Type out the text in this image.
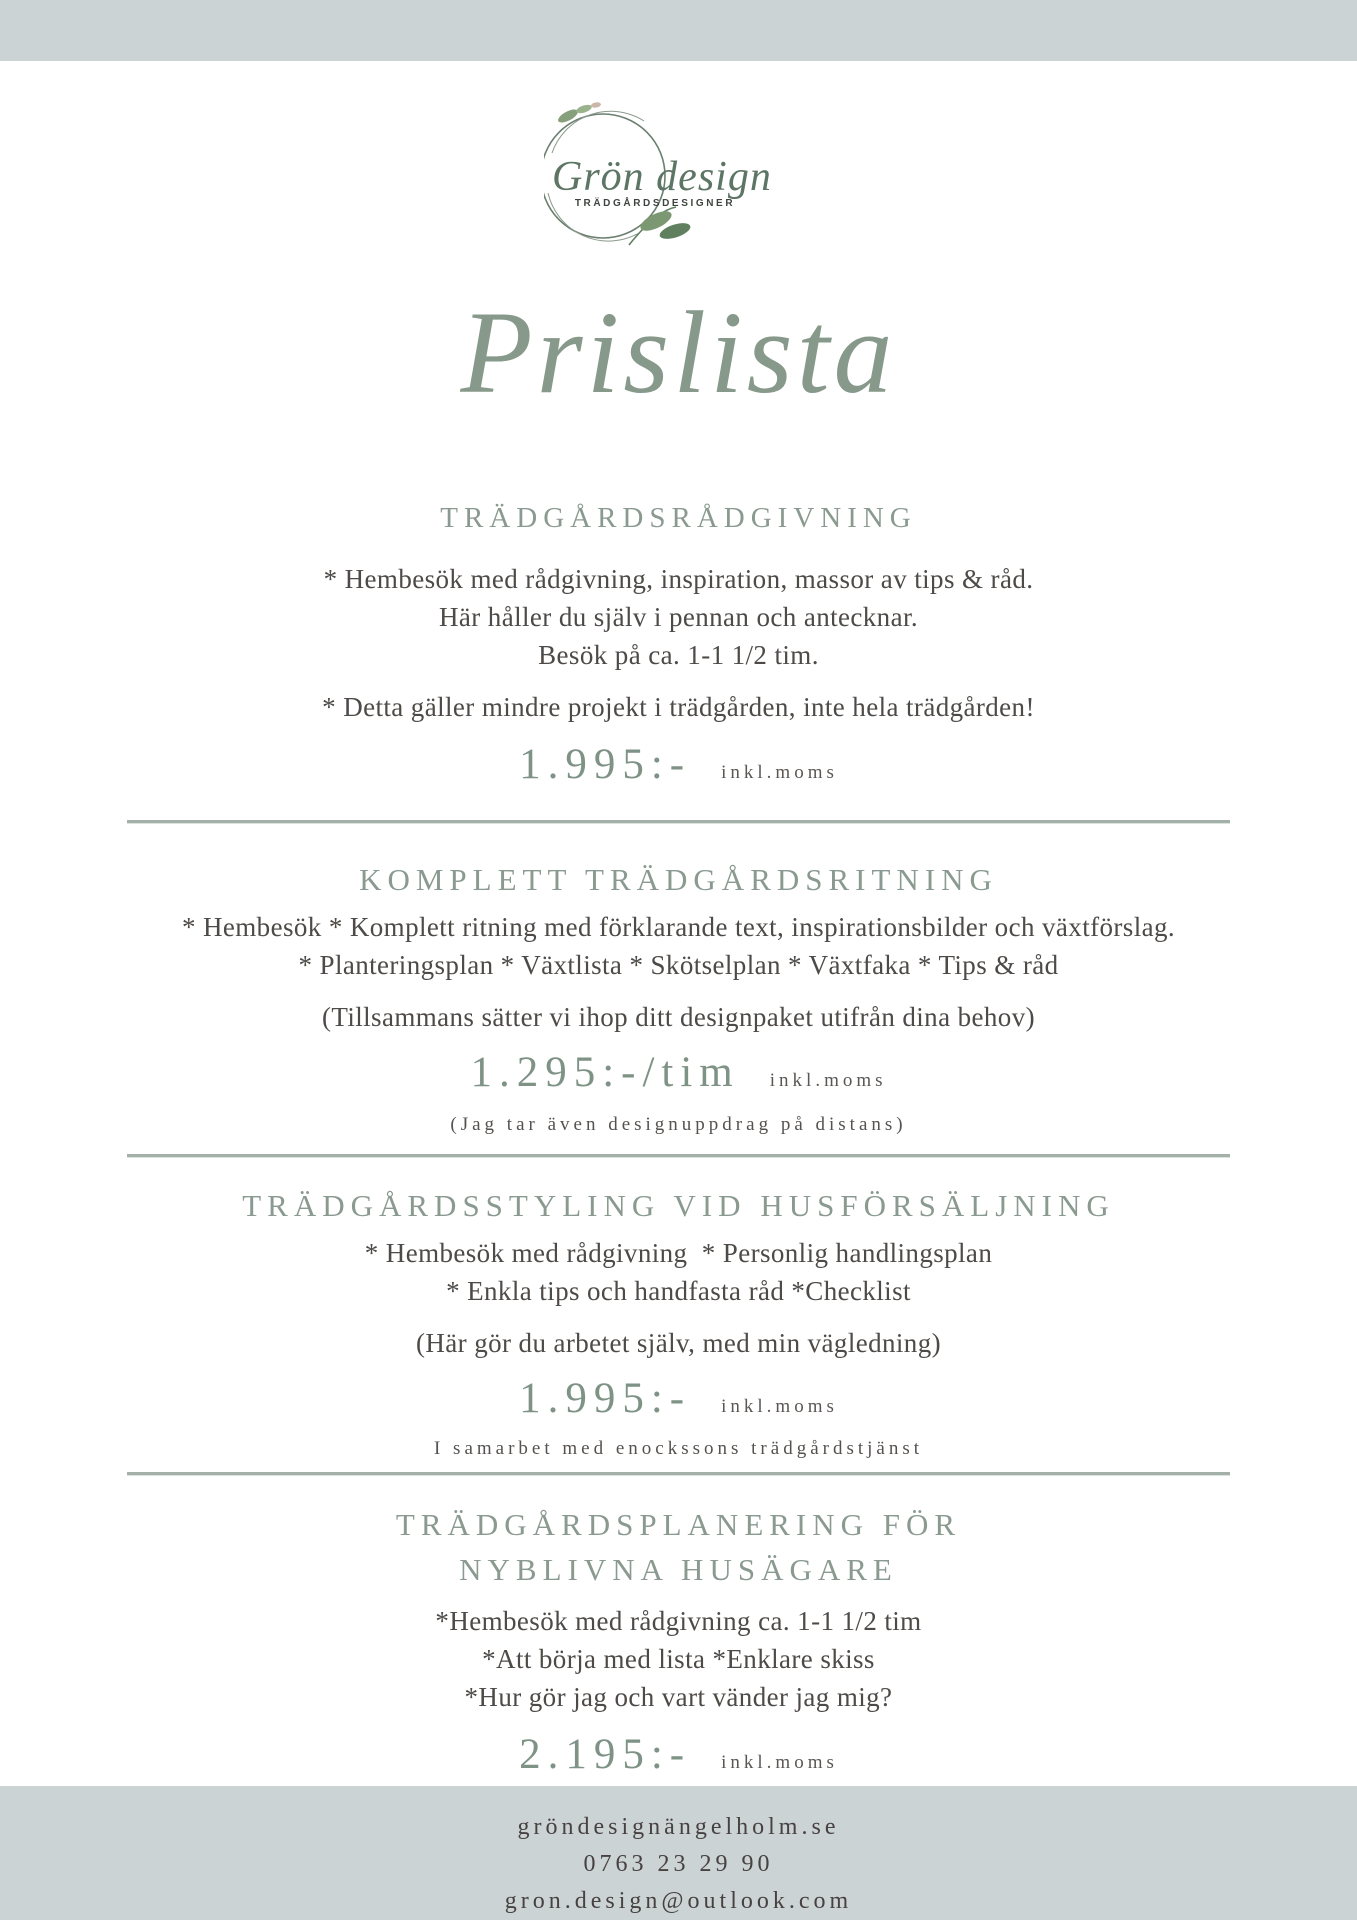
Grön design
TRÄDGÅRDSDESIGNER
Prislista
TRÄDGÅRDSRÅDGIVNING
* Hembesök med rådgivning, inspiration, massor av tips & råd.
Här håller du själv i pennan och antecknar.
Besök på ca. 1-1 1/2 tim.
* Detta gäller mindre projekt i trädgården, inte hela trädgården!
1.995:- inkl.moms
KOMPLETT TRÄDGÅRDSRITNING
* Hembesök * Komplett ritning med förklarande text, inspirationsbilder och växtförslag.
* Planteringsplan * Växtlista * Skötselplan * Växtfaka * Tips & råd
(Tillsammans sätter vi ihop ditt designpaket utifrån dina behov)
1.295:-/tim inkl.moms
(Jag tar även designuppdrag på distans)
TRÄDGÅRDSSTYLING VID HUSFÖRSÄLJNING
* Hembesök med rådgivning  * Personlig handlingsplan
* Enkla tips och handfasta råd *Checklist
(Här gör du arbetet själv, med min vägledning)
1.995:- inkl.moms
I samarbet med enockssons trädgårdstjänst
TRÄDGÅRDSPLANERING FÖR
NYBLIVNA HUSÄGARE
*Hembesök med rådgivning ca. 1-1 1/2 tim
*Att börja med lista *Enklare skiss
*Hur gör jag och vart vänder jag mig?
2.195:- inkl.moms
gröndesignängelholm.se
0763 23 29 90
gron.design@outlook.com
